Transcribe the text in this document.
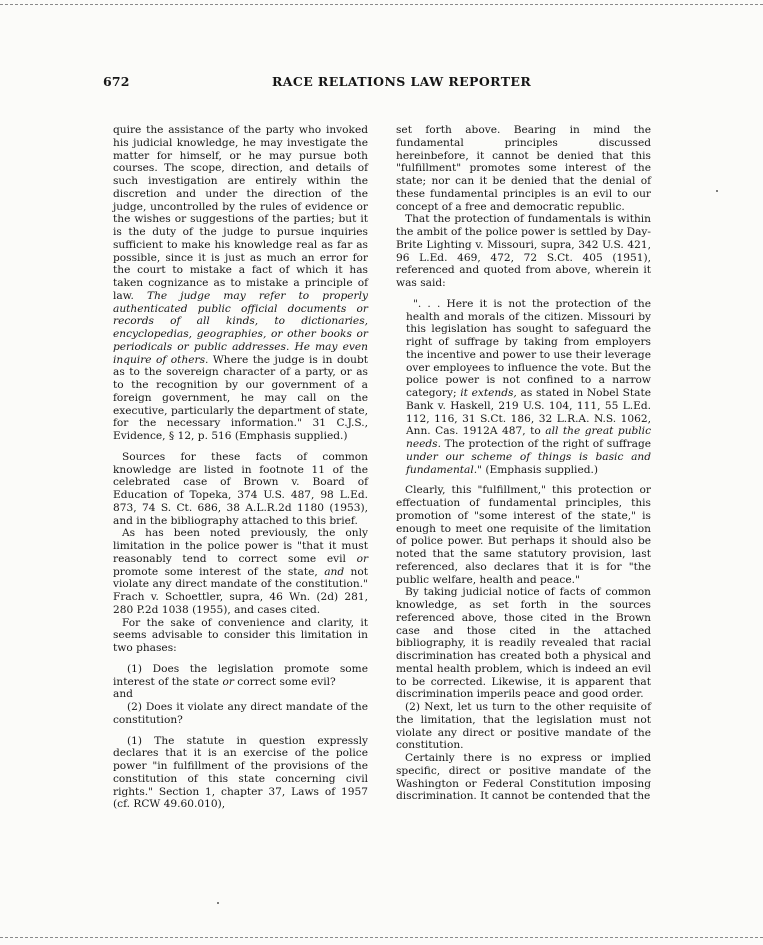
672	RACE RELATIONS LAW REPORTER

quire the assistance of the party who invoked his judicial knowledge, he may investigate the matter for himself, or he may pursue both courses. The scope, direction, and details of such investigation are entirely within the discretion and under the direction of the judge, uncontrolled by the rules of evidence or the wishes or suggestions of the parties; but it is the duty of the judge to pursue inquiries sufficient to make his knowledge real as far as possible, since it is just as much an error for the court to mistake a fact of which it has taken cognizance as to mistake a principle of law. The judge may refer to properly authenticated public official documents or records of all kinds, to dictionaries, encyclopedias, geographies, or other books or periodicals or public addresses. He may even inquire of others. Where the judge is in doubt as to the sovereign character of a party, or as to the recognition by our government of a foreign government, he may call on the executive, particularly the department of state, for the necessary information." 31 C.J.S., Evidence, § 12, p. 516 (Emphasis supplied.)

Sources for these facts of common knowledge are listed in footnote 11 of the celebrated case of Brown v. Board of Education of Topeka, 374 U.S. 487, 98 L.Ed. 873, 74 S. Ct. 686, 38 A.L.R.2d 1180 (1953), and in the bibliography attached to this brief.

As has been noted previously, the only limitation in the police power is "that it must reasonably tend to correct some evil or promote some interest of the state, and not violate any direct mandate of the constitution." Frach v. Schoettler, supra, 46 Wn. (2d) 281, 280 P.2d 1038 (1955), and cases cited.

For the sake of convenience and clarity, it seems advisable to consider this limitation in two phases:

(1) Does the legislation promote some interest of the state or correct some evil?

and

(2) Does it violate any direct mandate of the constitution?

(1) The statute in question expressly declares that it is an exercise of the police power "in fulfillment of the provisions of the constitution of this state concerning civil rights." Section 1, chapter 37, Laws of 1957 (cf. RCW 49.60.010),

set forth above. Bearing in mind the fundamental principles discussed hereinbefore, it cannot be denied that this "fulfillment" promotes some interest of the state; nor can it be denied that the denial of these fundamental principles is an evil to our concept of a free and democratic republic.

That the protection of fundamentals is within the ambit of the police power is settled by Day-Brite Lighting v. Missouri, supra, 342 U.S. 421, 96 L.Ed. 469, 472, 72 S.Ct. 405 (1951), referenced and quoted from above, wherein it was said:

". . . Here it is not the protection of the health and morals of the citizen. Missouri by this legislation has sought to safeguard the right of suffrage by taking from employers the incentive and power to use their leverage over employees to influence the vote. But the police power is not confined to a narrow category; it extends, as stated in Nobel State Bank v. Haskell, 219 U.S. 104, 111, 55 L.Ed. 112, 116, 31 S.Ct. 186, 32 L.R.A. N.S. 1062, Ann. Cas. 1912A 487, to all the great public needs. The protection of the right of suffrage under our scheme of things is basic and fundamental." (Emphasis supplied.)

Clearly, this "fulfillment," this protection or effectuation of fundamental principles, this promotion of "some interest of the state," is enough to meet one requisite of the limitation of police power. But perhaps it should also be noted that the same statutory provision, last referenced, also declares that it is for "the public welfare, health and peace."

By taking judicial notice of facts of common knowledge, as set forth in the sources referenced above, those cited in the Brown case and those cited in the attached bibliography, it is readily revealed that racial discrimination has created both a physical and mental health problem, which is indeed an evil to be corrected. Likewise, it is apparent that discrimination imperils peace and good order.

(2) Next, let us turn to the other requisite of the limitation, that the legislation must not violate any direct or positive mandate of the constitution.

Certainly there is no express or implied specific, direct or positive mandate of the Washington or Federal Constitution imposing discrimination. It cannot be contended that the
